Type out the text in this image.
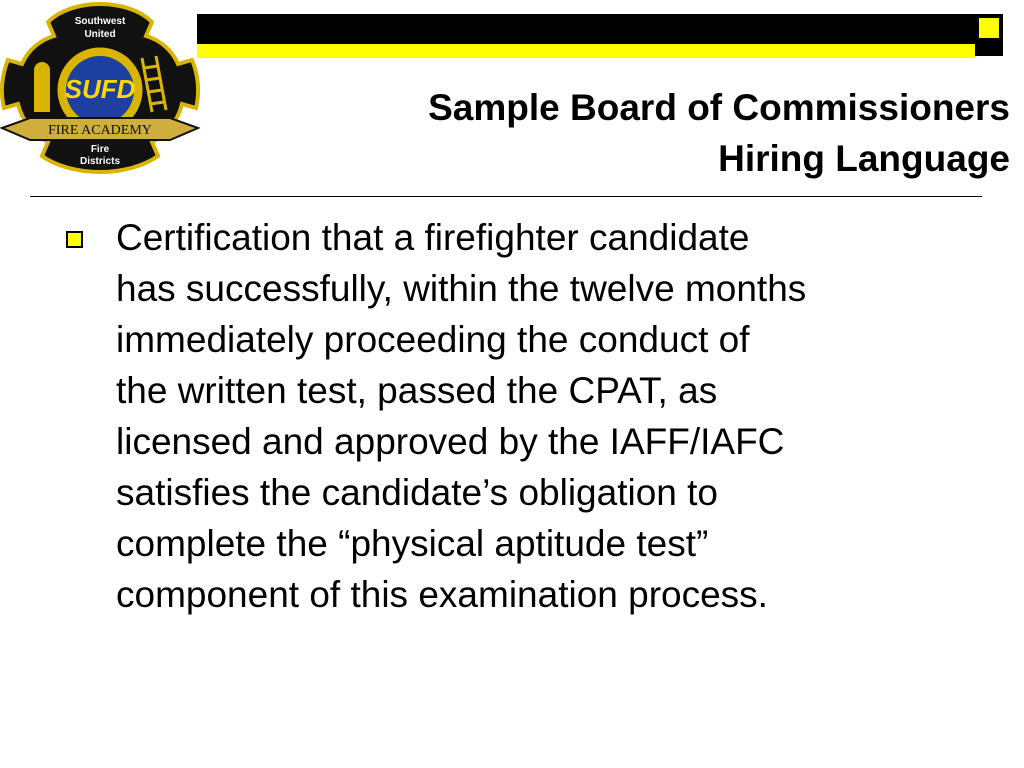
Southwest
United
SUFD
FIRE ACADEMY
Fire
Districts
Sample Board of Commissioners
Hiring Language
Certification that a firefighter candidate
has successfully, within the twelve months
immediately proceeding the conduct of
the written test, passed the CPAT, as
licensed and approved by the IAFF/IAFC
satisfies the candidate’s obligation to
complete the “physical aptitude test”
component of this examination process.
